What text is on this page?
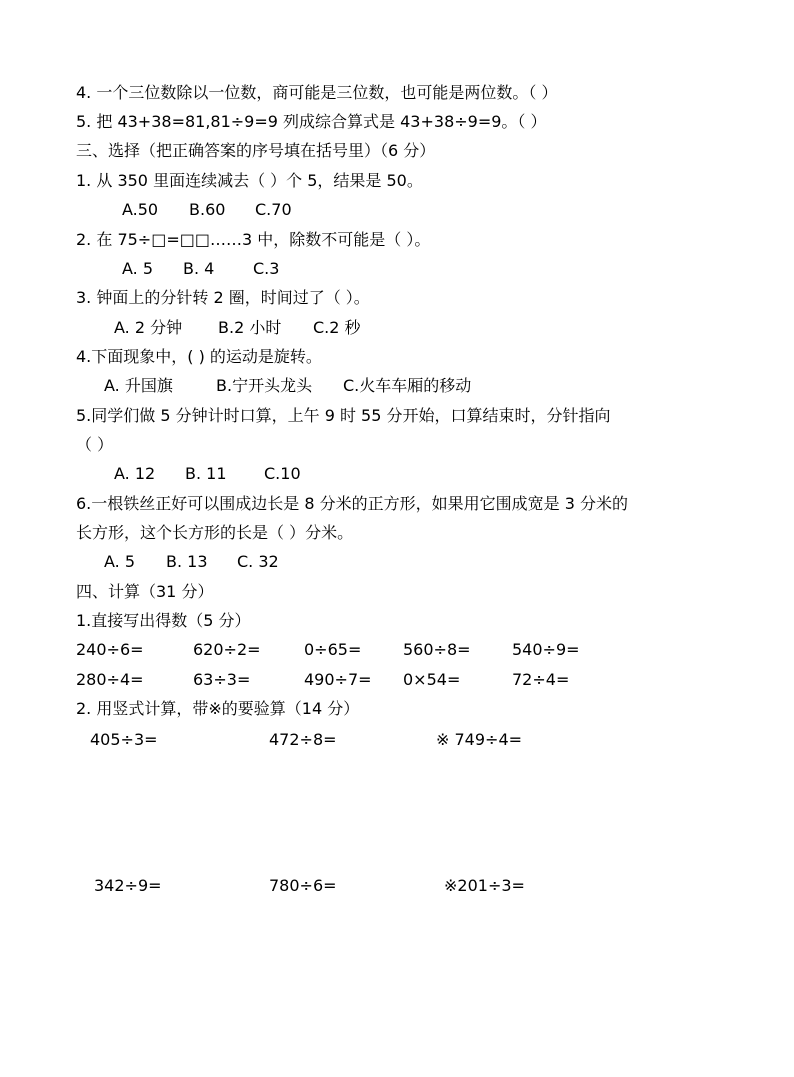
4. 一个三位数除以一位数，商可能是三位数，也可能是两位数。（ ）
5. 把 43+38=81,81÷9=9 列成综合算式是 43+38÷9=9。（ ）
三、选择（把正确答案的序号填在括号里）（6 分）
1. 从 350 里面连续减去（ ）个 5，结果是 50。
A.50 B.60 C.70
2. 在 75÷□=□□……3 中，除数不可能是（ ）。
A. 5 B. 4 C.3
3. 钟面上的分针转 2 圈，时间过了（ ）。
A. 2 分钟 B.2 小时 C.2 秒
4.下面现象中，( ) 的运动是旋转。
A. 升国旗	B.宁开头龙头 C.火车车厢的移动
5.同学们做 5 分钟计时口算，上午 9 时 55 分开始，口算结束时，分针指向
（ ）
A. 12 B. 11 C.10
6.一根铁丝正好可以围成边长是 8 分米的正方形，如果用它围成宽是 3 分米的
长方形，这个长方形的长是（ ）分米。
A. 5 B. 13 C. 32
四、计算（31 分）
1.直接写出得数（5 分）
240÷6=	620÷2=	0÷65=	560÷8=	540÷9=
280÷4=	63÷3=	490÷7= 0×54=	72÷4=
2. 用竖式计算，带※的要验算（14 分）
405÷3=	472÷8=	※ 749÷4=
342÷9=	780÷6=	※201÷3=
